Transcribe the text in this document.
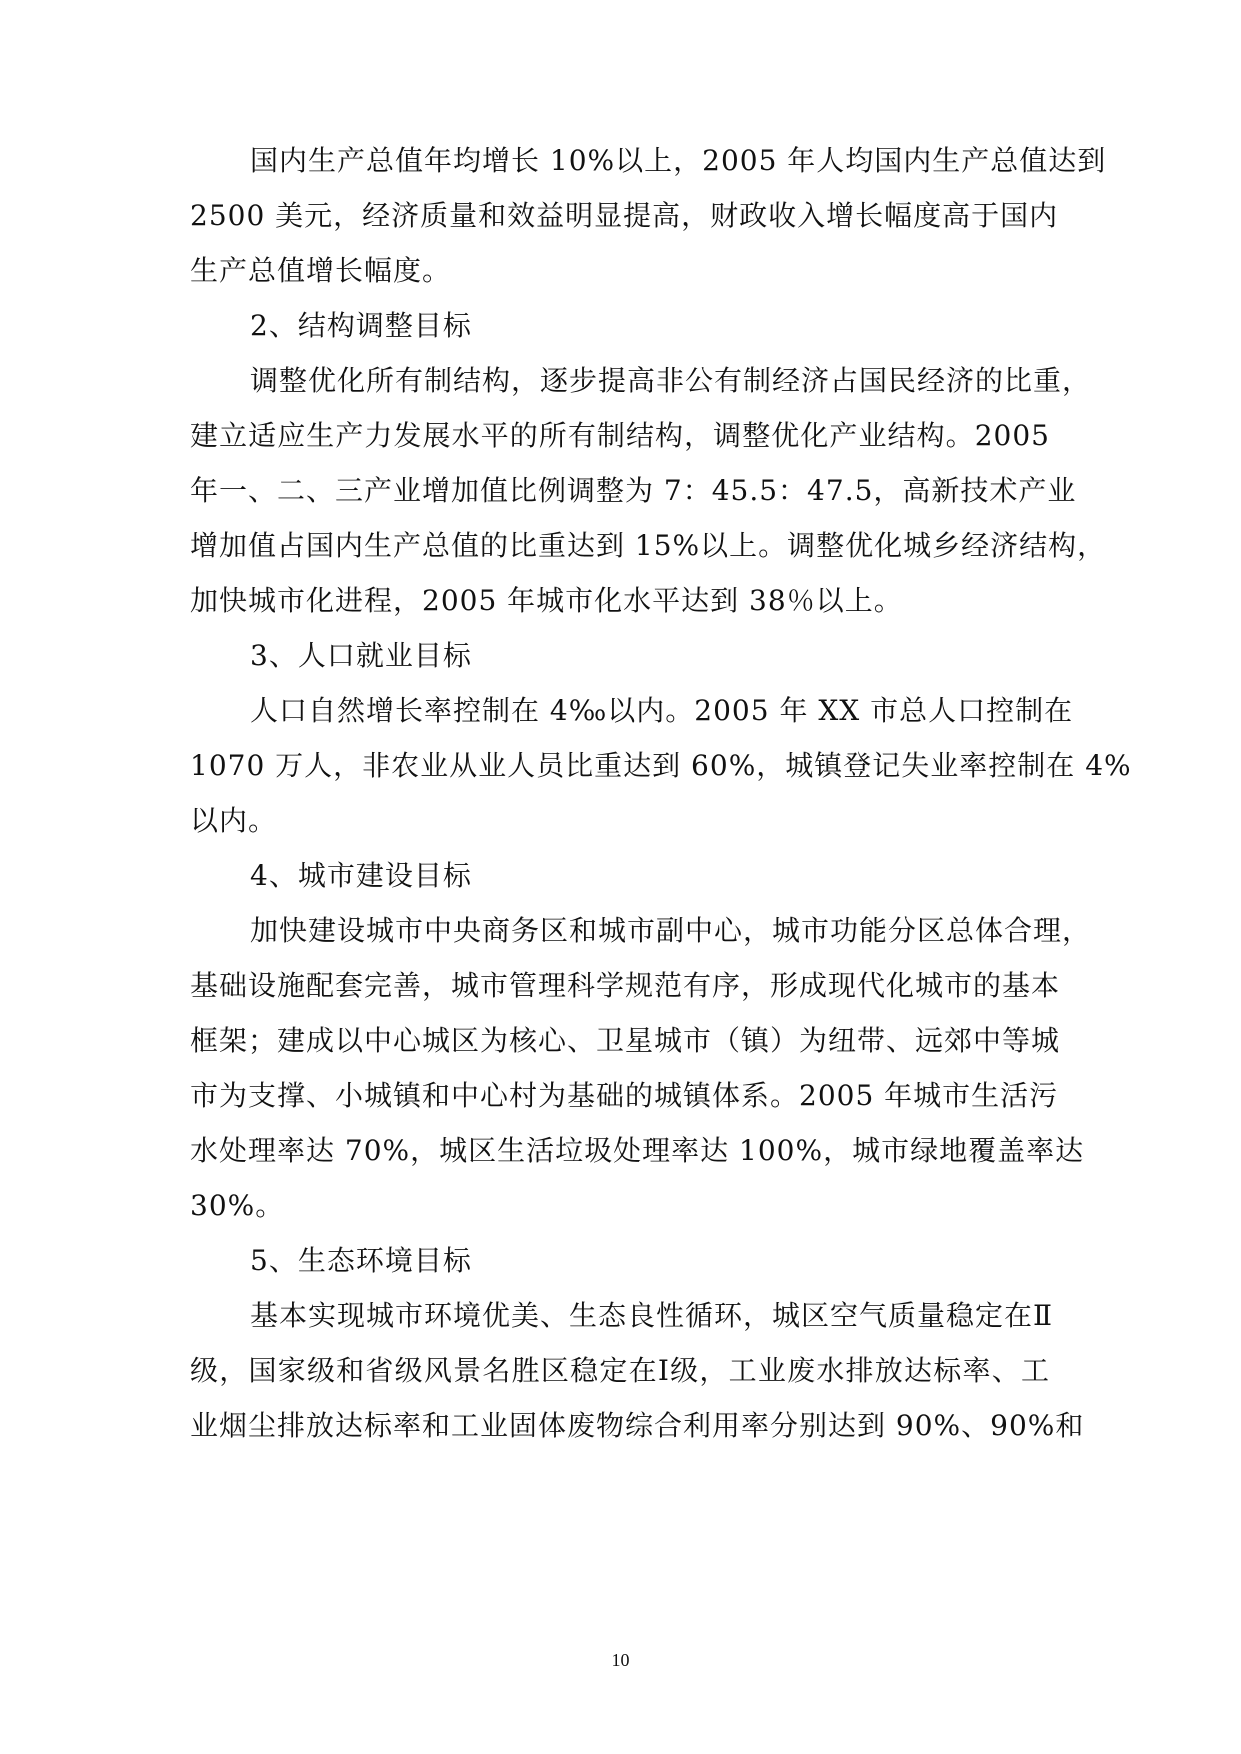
国内生产总值年均增长 10%以上，2005 年人均国内生产总值达到
2500 美元，经济质量和效益明显提高，财政收入增长幅度高于国内
生产总值增长幅度。
2、结构调整目标
调整优化所有制结构，逐步提高非公有制经济占国民经济的比重，
建立适应生产力发展水平的所有制结构，调整优化产业结构。2005
年一、二、三产业增加值比例调整为 7：45.5：47.5，高新技术产业
增加值占国内生产总值的比重达到 15%以上。调整优化城乡经济结构，
加快城市化进程，2005 年城市化水平达到 38％以上。
3、人口就业目标
人口自然增长率控制在 4‰以内。2005 年 XX 市总人口控制在
1070 万人，非农业从业人员比重达到 60%，城镇登记失业率控制在 4%
以内。
4、城市建设目标
加快建设城市中央商务区和城市副中心，城市功能分区总体合理，
基础设施配套完善，城市管理科学规范有序，形成现代化城市的基本
框架；建成以中心城区为核心、卫星城市（镇）为纽带、远郊中等城
市为支撑、小城镇和中心村为基础的城镇体系。2005 年城市生活污
水处理率达 70%，城区生活垃圾处理率达 100%，城市绿地覆盖率达
30%。
5、生态环境目标
基本实现城市环境优美、生态良性循环，城区空气质量稳定在Ⅱ
级，国家级和省级风景名胜区稳定在Ⅰ级，工业废水排放达标率、工
业烟尘排放达标率和工业固体废物综合利用率分别达到 90%、90%和
10
